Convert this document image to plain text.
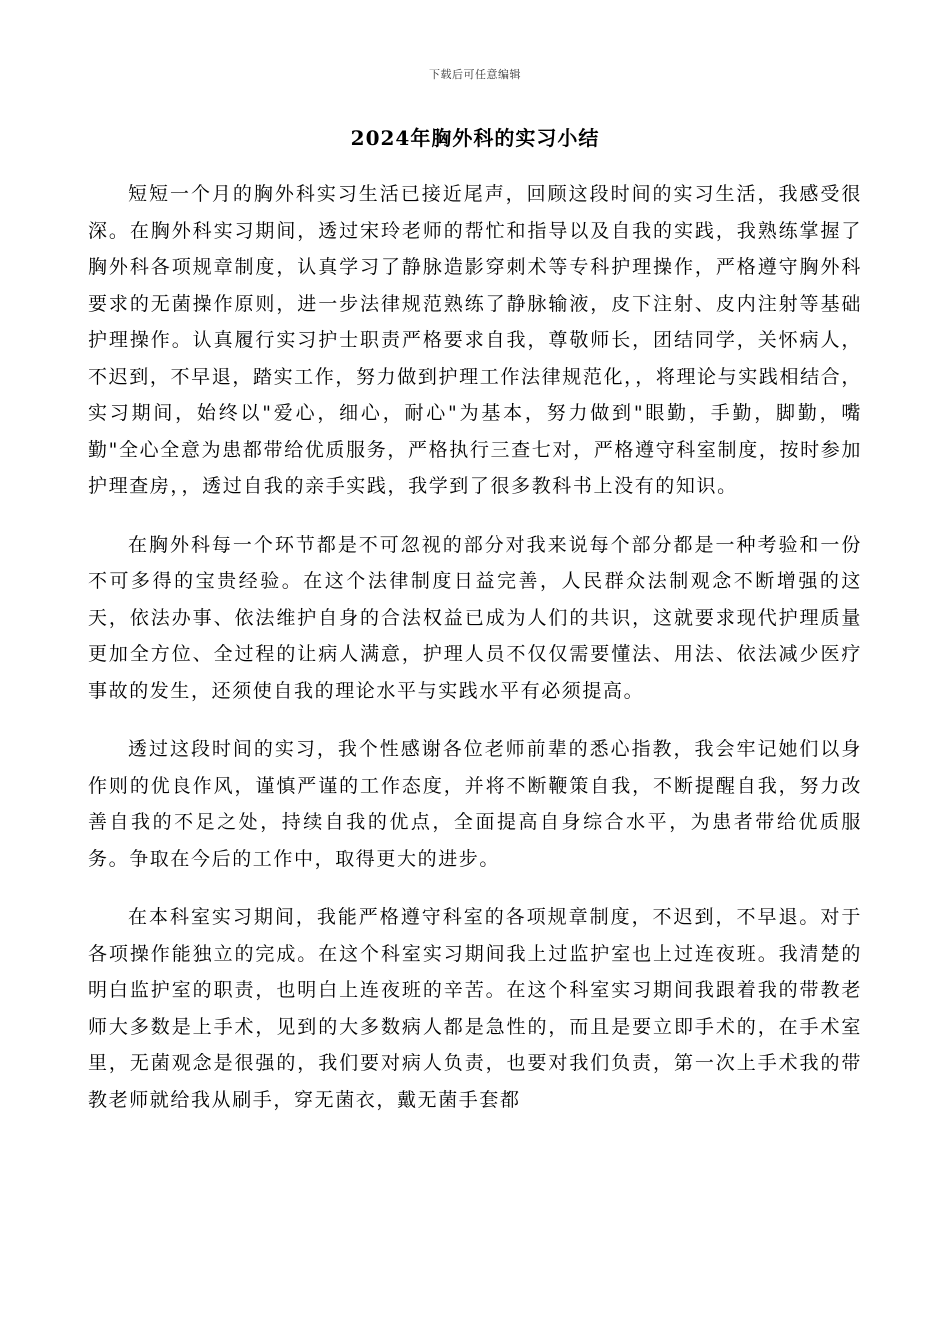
下载后可任意编辑
2024年胸外科的实习小结

短短一个月的胸外科实习生活已接近尾声，回顾这段时间的实习生活，我感受很深。在胸外科实习期间，透过宋玲老师的帮忙和指导以及自我的实践，我熟练掌握了胸外科各项规章制度，认真学习了静脉造影穿刺术等专科护理操作，严格遵守胸外科要求的无菌操作原则，进一步法律规范熟练了静脉输液，皮下注射、皮内注射等基础护理操作。认真履行实习护士职责严格要求自我，尊敬师长，团结同学，关怀病人，不迟到，不早退，踏实工作，努力做到护理工作法律规范化，，将理论与实践相结合，实习期间，始终以"爱心，细心，耐心"为基本，努力做到"眼勤，手勤，脚勤，嘴勤"全心全意为患都带给优质服务，严格执行三查七对，严格遵守科室制度，按时参加护理查房，，透过自我的亲手实践，我学到了很多教科书上没有的知识。

在胸外科每一个环节都是不可忽视的部分对我来说每个部分都是一种考验和一份不可多得的宝贵经验。在这个法律制度日益完善，人民群众法制观念不断增强的这天，依法办事、依法维护自身的合法权益已成为人们的共识，这就要求现代护理质量更加全方位、全过程的让病人满意，护理人员不仅仅需要懂法、用法、依法减少医疗事故的发生，还须使自我的理论水平与实践水平有必须提高。

透过这段时间的实习，我个性感谢各位老师前辈的悉心指教，我会牢记她们以身作则的优良作风，谨慎严谨的工作态度，并将不断鞭策自我，不断提醒自我，努力改善自我的不足之处，持续自我的优点，全面提高自身综合水平，为患者带给优质服务。争取在今后的工作中，取得更大的进步。

在本科室实习期间，我能严格遵守科室的各项规章制度，不迟到，不早退。对于各项操作能独立的完成。在这个科室实习期间我上过监护室也上过连夜班。我清楚的明白监护室的职责，也明白上连夜班的辛苦。在这个科室实习期间我跟着我的带教老师大多数是上手术，见到的大多数病人都是急性的，而且是要立即手术的，在手术室里，无菌观念是很强的，我们要对病人负责，也要对我们负责，第一次上手术我的带教老师就给我从刷手，穿无菌衣，戴无菌手套都
